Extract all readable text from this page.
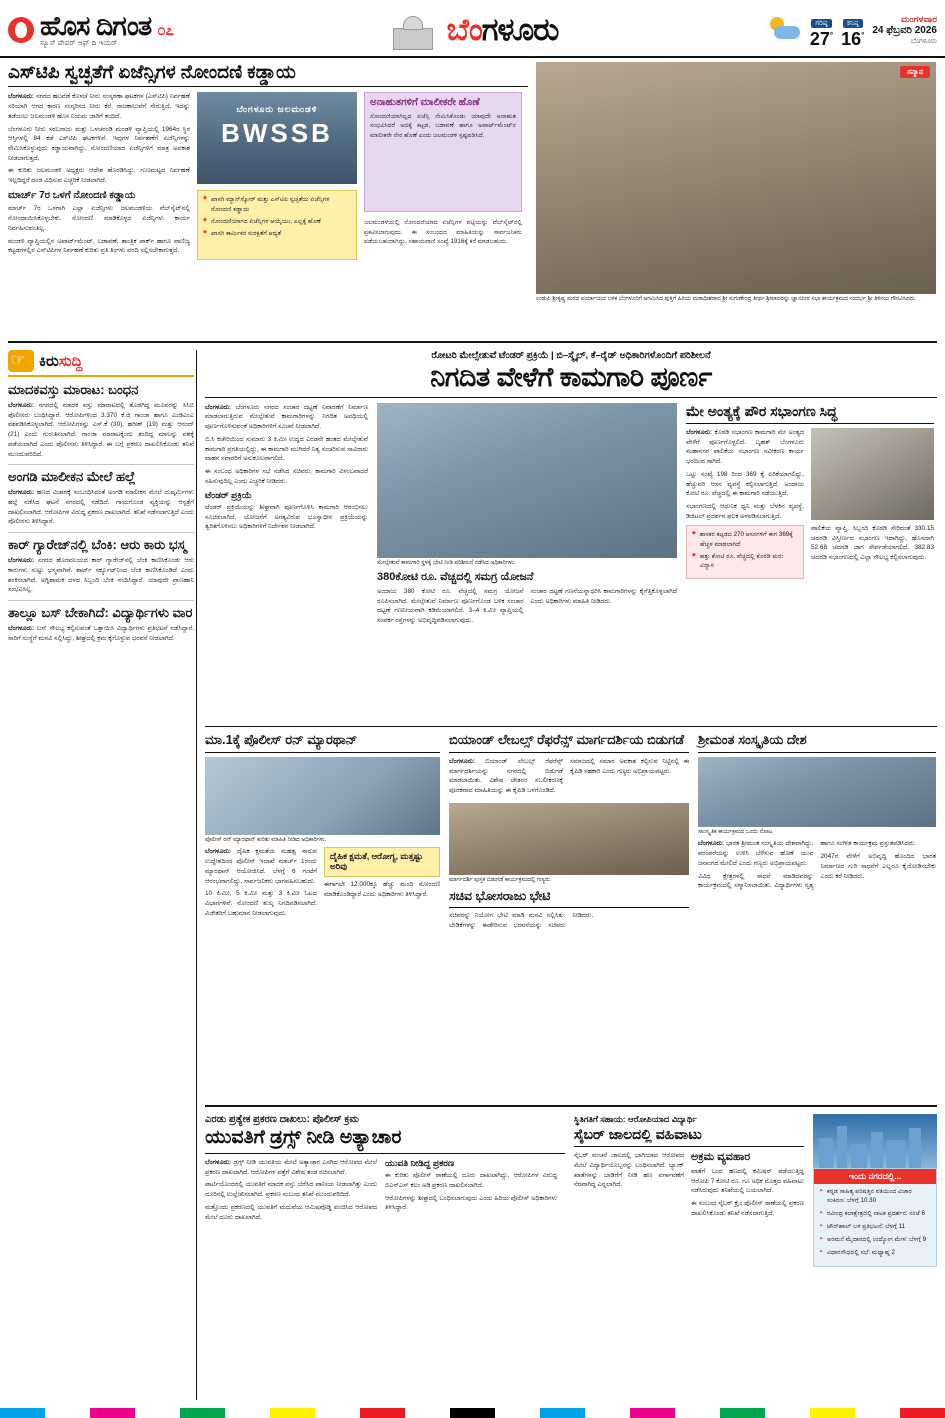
ಹೊಸ ದಿಗಂತ
ನ್ಯೂಸ್ ಪೇಪರ್ ಆಫ್ ದಿ ಇಯರ್
೦೭	ಬೆಂಗಳೂರು	ಗರಿಷ್ಠ
27°
ಕನಿಷ್ಠ
16°
ಮಂಗಳವಾರ
24 ಫೆಬ್ರವರಿ 2026
ಬೆಂಗಳೂರು
ಎಸ್‌ಟಿಪಿ ಸ್ವಚ್ಛತೆಗೆ ಏಜೆನ್ಸಿಗಳ ನೋಂದಣಿ ಕಡ್ಡಾಯ

ಬೆಂಗಳೂರು: ನಗರದ ಹಲವೆಡೆ ಕೊಳಚೆ ನೀರು ಸಂಸ್ಕರಣಾ ಘಟಕಗಳ (ಎಸ್‌ಟಿಪಿ) ನಿರ್ವಹಣೆ ಸರಿಯಾಗಿ ಆಗದ ಕಾರಣ ಸಂಸ್ಕರಿಸದ ನೀರು ಕೆರೆ, ರಾಜಕಾಲುವೆಗೆ ಸೇರುತ್ತಿದೆ. ಇದನ್ನು ತಡೆಯಲು ಜಲಮಂಡಳಿ ಹೊಸ ನಿಯಮ ಜಾರಿಗೆ ತಂದಿದೆ.

ಬೆಂಗಳೂರು ನೀರು ಸರಬರಾಜು ಮತ್ತು ಒಳಚರಂಡಿ ಮಂಡಳಿ ವ್ಯಾಪ್ತಿಯಲ್ಲಿ 1964ರ ಸ್ಥಿರ ಆಸ್ತಿಗಳಲ್ಲಿ 84 ಕಡೆ ಎಸ್‌ಟಿಪಿ ಘಟಕಗಳಿವೆ. ಇವುಗಳ ನಿರ್ವಹಣೆಗೆ ಏಜೆನ್ಸಿಗಳನ್ನು ನೇಮಿಸಿಕೊಳ್ಳುವುದು ಕಡ್ಡಾಯವಾಗಿದ್ದು, ನೋಂದಣಿಯಾದ ಏಜೆನ್ಸಿಗಳಿಗೆ ಮಾತ್ರ ಅವಕಾಶ ನೀಡಲಾಗುತ್ತದೆ.

ಈ ಕುರಿತು ಜಲಮಂಡಳಿ ಅಧ್ಯಕ್ಷರು ಆದೇಶ ಹೊರಡಿಸಿದ್ದು, ಗುಣಮಟ್ಟದ ನಿರ್ವಹಣೆ ಇಲ್ಲದಿದ್ದರೆ ದಂಡ ವಿಧಿಸುವ ಎಚ್ಚರಿಕೆ ನೀಡಲಾಗಿದೆ.

ಮಾರ್ಚ್ 7ರ ಒಳಗೆ ನೋಂದಣಿ ಕಡ್ಡಾಯ

ಮಾರ್ಚ್ 7ರ ಒಳಗಾಗಿ ಎಲ್ಲಾ ಏಜೆನ್ಸಿಗಳು ಜಲಮಂಡಳಿಯ ವೆಬ್‌ಸೈಟ್‌ನಲ್ಲಿ ನೋಂದಾಯಿಸಿಕೊಳ್ಳಬೇಕು. ನೋಂದಣಿ ಮಾಡಿಕೊಳ್ಳದ ಏಜೆನ್ಸಿಗಳು ಕಾರ್ಯ ನಿರ್ವಹಿಸುವಂತಿಲ್ಲ.

ಮಂಡಳಿ ವ್ಯಾಪ್ತಿಯಲ್ಲಿನ ಅಪಾರ್ಟ್‌ಮೆಂಟ್, ಬಡಾವಣೆ, ತಾಂತ್ರಿಕ ಪಾರ್ಕ್ ಹಾಗೂ ವಾಣಿಜ್ಯ ಕಟ್ಟಡಗಳಲ್ಲಿನ ಎಸ್‌ಟಿಪಿಗಳ ನಿರ್ವಹಣೆ ಕುರಿತು ಪ್ರತಿ ತಿಂಗಳು ವರದಿ ಸಲ್ಲಿಸಬೇಕಾಗುತ್ತದೆ.

ಬೆಂಗಳೂರು ಜಲಮಂಡಳಿ
BWSSB
◆ ಖಾಸಗಿ ಮ್ಯಾನ್‌ಸ್ಕೋರ್ ಮತ್ತು ಎಸ್‌ಟಿಪಿ ಸ್ವಚ್ಛತೆಯ ಏಜೆನ್ಸಿಗಳ ನೋಂದಣಿ ಕಡ್ಡಾಯ
◆ ನೋಂದಣಿಯಾಗದ ಏಜೆನ್ಸಿಗಳ ಆಯ್ಕೆಯು, ಎಲ್ಲಕ್ಕೆ ಹೊಣೆ
◆ ಖಾಸಗಿ ಕಾರ್ಮಿಕರ ಸುರಕ್ಷತೆಗೆ ಆದ್ಯತೆ
ಅನಾಹುತಗಳಿಗೆ ಮಾಲೀಕರೇ ಹೊಣೆ
ನೋಂದಣಿಯಾಗಿಲ್ಲದ ಏಜೆನ್ಸಿ ನೇಮಿಸಿಕೊಂಡು ಯಾವುದೇ ಅನಾಹುತ ಸಂಭವಿಸಿದರೆ ಅದಕ್ಕೆ ಕಟ್ಟಡ, ಬಡಾವಣೆ ಹಾಗೂ ಅಪಾರ್ಟ್‌ಮೆಂಟ್‌ನ ಮಾಲೀಕರೇ ನೇರ ಹೊಣೆ ಎಂದು ಜಲಮಂಡಳಿ ಸ್ಪಷ್ಟಪಡಿಸಿದೆ.
ಜಲಮಂಡಳಿಯಲ್ಲಿ ನೋಂದಣಿಯಾದ ಏಜೆನ್ಸಿಗಳ ಪಟ್ಟಿಯನ್ನು ವೆಬ್‌ಸೈಟ್‌ನಲ್ಲಿ ಪ್ರಕಟಿಸಲಾಗುವುದು. ಈ ಸಂಬಂಧದ ಮಾಹಿತಿಯನ್ನು ಸಾರ್ವಜನಿಕರು ಪಡೆಯಬಹುದಾಗಿದ್ದು, ಸಹಾಯವಾಣಿ ಸಂಖ್ಯೆ 1916ಕ್ಕೆ ಕರೆ ಮಾಡಬಹುದು.
ಸನ್ಮಾನ
ಉಡುಪಿ ಶ್ರೀಕೃಷ್ಣ ಮಠದ ಪರ್ಯಾಯದ ಬಳಿಕ ಬೆಂಗಳೂರಿಗೆ ಆಗಮಿಸಿದ ಪುತ್ತಿಗೆ ಹಿರಿಯ ಮಠಾಧೀಶರಾದ ಶ್ರೀ ಸುಗುಣೇಂದ್ರ ತೀರ್ಥ ಶ್ರೀಪಾದರನ್ನು ಜ್ಞಾನಪೀಠ ಸಭಾ ಕಾರ್ಯಕ್ರಮದ ಸಂದರ್ಭ ಶ್ರೀ ತಿಳಿಸಲು ಗೌರವಿಸಿದರು.
☞
ಕಿರುಸುದ್ದಿ
ಮಾದಕವಸ್ತು ಮಾರಾಟ: ಬಂಧನ
ಬೆಂಗಳೂರು: ನಗರದಲ್ಲಿ ಮಾದಕ ವಸ್ತು ಮಾರಾಟದಲ್ಲಿ ತೊಡಗಿದ್ದ ಮೂವರನ್ನು ಸಿಸಿಬಿ ಪೊಲೀಸರು ಬಂಧಿಸಿದ್ದಾರೆ. ಆರೋಪಿಗಳಿಂದ 3.370 ಕೆ.ಜಿ ಗಾಂಜಾ ಹಾಗೂ ಎಂಡಿಎಂಎ ವಶಪಡಿಸಿಕೊಳ್ಳಲಾಗಿದೆ. ಆರೋಪಿಗಳನ್ನು ಎಸ್.ಕೆ (30), ಹರೀಶ್ (19) ಮತ್ತು ಆನಂದ್ (21) ಎಂದು ಗುರುತಿಸಲಾಗಿದೆ. ಗಾಂಜಾ ಮಾರಾಟಕ್ಕೆಂದು ತಂದಿದ್ದ ಮಾಲನ್ನು ವಶಕ್ಕೆ ಪಡೆಯಲಾಗಿದೆ ಎಂದು ಪೊಲೀಸರು ತಿಳಿಸಿದ್ದಾರೆ. ಈ ಬಗ್ಗೆ ಪ್ರಕರಣ ದಾಖಲಿಸಿಕೊಂಡು ತನಿಖೆ ಮುಂದುವರಿದಿದೆ.
ಅಂಗಡಿ ಮಾಲೀಕನ ಮೇಲೆ ಹಲ್ಲೆ
ಬೆಂಗಳೂರು: ಹಣದ ವಿಚಾರಕ್ಕೆ ಸಂಬಂಧಿಸಿದಂತೆ ಅಂಗಡಿ ಮಾಲೀಕನ ಮೇಲೆ ದುಷ್ಕರ್ಮಿಗಳು ಹಲ್ಲೆ ನಡೆಸಿದ ಘಟನೆ ನಗರದಲ್ಲಿ ನಡೆದಿದೆ. ಗಾಯಗೊಂಡ ವ್ಯಕ್ತಿಯನ್ನು ಆಸ್ಪತ್ರೆಗೆ ದಾಖಲಿಸಲಾಗಿದೆ. ಆರೋಪಿಗಳ ವಿರುದ್ಧ ಪ್ರಕರಣ ದಾಖಲಾಗಿದೆ. ತನಿಖೆ ನಡೆಸಲಾಗುತ್ತಿದೆ ಎಂದು ಪೊಲೀಸರು ತಿಳಿಸಿದ್ದಾರೆ.
ಕಾರ್ ಗ್ಯಾರೇಜ್‌ನಲ್ಲಿ ಬೆಂಕಿ: ಆರು ಕಾರು ಭಸ್ಮ
ಬೆಂಗಳೂರು: ನಗರದ ಹೊರವಲಯದ ಕಾರ್ ಗ್ಯಾರೇಜ್‌ನಲ್ಲಿ ಬೆಂಕಿ ಕಾಣಿಸಿಕೊಂಡು ಆರು ಕಾರುಗಳು ಸುಟ್ಟು ಭಸ್ಮವಾಗಿವೆ. ಶಾರ್ಟ್ ಸರ್ಕ್ಯೂಟ್‌ನಿಂದ ಬೆಂಕಿ ಕಾಣಿಸಿಕೊಂಡಿದೆ ಎಂದು ಶಂಕಿಸಲಾಗಿದೆ. ಅಗ್ನಿಶಾಮಕ ದಳದ ಸಿಬ್ಬಂದಿ ಬೆಂಕಿ ನಂದಿಸಿದ್ದಾರೆ. ಯಾವುದೇ ಪ್ರಾಣಹಾನಿ ಸಂಭವಿಸಿಲ್ಲ.
ತಾಲ್ಲೂ ಬಸ್ ಬೇಕಾಗಿದೆ: ವಿದ್ಯಾರ್ಥಿಗಳು ವಾರ
ಬೆಂಗಳೂರು: ಬಸ್ ಸೌಲಭ್ಯ ಕಲ್ಪಿಸುವಂತೆ ಒತ್ತಾಯಿಸಿ ವಿದ್ಯಾರ್ಥಿಗಳು ಪ್ರತಿಭಟನೆ ನಡೆಸಿದ್ದಾರೆ. ಸಾರಿಗೆ ಸಂಸ್ಥೆಗೆ ಮನವಿ ಸಲ್ಲಿಸಿದ್ದು, ಶೀಘ್ರದಲ್ಲಿ ಕ್ರಮ ಕೈಗೊಳ್ಳುವ ಭರವಸೆ ನೀಡಲಾಗಿದೆ.
ರೋಟರಿ ಮೇಲ್ಸೇತುವೆ ಟೆಂಡರ್ ಪ್ರಕ್ರಿಯೆ | ಬಿ–ಸ್ಮೈಲ್, ಕೆ–ರೈಡ್ ಅಧಿಕಾರಿಗಳೊಂದಿಗೆ ಪರಿಶೀಲನೆ
ನಿಗದಿತ ವೇಳೆಗೆ ಕಾಮಗಾರಿ ಪೂರ್ಣ

ಬೆಂಗಳೂರು: ಬೆಂಗಳೂರು ನಗರದ ಸಂಚಾರ ದಟ್ಟಣೆ ನಿವಾರಣೆಗೆ ನಿರ್ಮಾಣ ಮಾಡಲಾಗುತ್ತಿರುವ ಮೇಲ್ಸೇತುವೆ ಕಾಮಗಾರಿಗಳನ್ನು ನಿಗದಿತ ಅವಧಿಯಲ್ಲಿ ಪೂರ್ಣಗೊಳಿಸುವಂತೆ ಅಧಿಕಾರಿಗಳಿಗೆ ಸೂಚನೆ ನೀಡಲಾಗಿದೆ.

ಬಿ.ಸಿ ಕಚೇರಿಯಿಂದ ಸುಮಾರು 3 ಕಿ.ಮೀ ಉದ್ದದ ಎರಡನೇ ಹಂತದ ಮೇಲ್ಸೇತುವೆ ಕಾಮಗಾರಿ ಪ್ರಗತಿಯಲ್ಲಿದ್ದು, ಈ ಕಾಮಗಾರಿ ಮುಗಿದರೆ ನಿತ್ಯ ಸಂಚರಿಸುವ ಸಾವಿರಾರು ವಾಹನ ಸವಾರರಿಗೆ ಅನುಕೂಲವಾಗಲಿದೆ.

ಈ ಸಂಬಂಧ ಅಧಿಕಾರಿಗಳ ಸಭೆ ನಡೆಸಿದ ಸಚಿವರು, ಕಾಮಗಾರಿ ವಿಳಂಬವಾದರೆ ಸಹಿಸುವುದಿಲ್ಲ ಎಂದು ಎಚ್ಚರಿಕೆ ನೀಡಿದರು.

ಟೆಂಡರ್ ಪ್ರಕ್ರಿಯೆ

ಟೆಂಡರ್ ಪ್ರಕ್ರಿಯೆಯನ್ನು ಶೀಘ್ರವಾಗಿ ಪೂರ್ಣಗೊಳಿಸಿ ಕಾಮಗಾರಿ ಆರಂಭಿಸಲು ಸೂಚಿಸಲಾಗಿದೆ. ಯೋಜನೆಗೆ ಅಗತ್ಯವಿರುವ ಭೂಸ್ವಾಧೀನ ಪ್ರಕ್ರಿಯೆಯನ್ನು ತ್ವರಿತಗೊಳಿಸಲು ಅಧಿಕಾರಿಗಳಿಗೆ ನಿರ್ದೇಶನ ನೀಡಲಾಗಿದೆ.

ಮೇಲ್ಸೇತುವೆ ಕಾಮಗಾರಿ ಸ್ಥಳಕ್ಕೆ ಭೇಟಿ ನೀಡಿ ಪರಿಶೀಲನೆ ನಡೆಸಿದ ಅಧಿಕಾರಿಗಳು.
380ಕೋಟಿ ರೂ. ವೆಚ್ಚದಲ್ಲಿ ಸಮಗ್ರ ಯೋಜನೆ

ಅಂದಾಜು 380 ಕೋಟಿ ರೂ. ವೆಚ್ಚದಲ್ಲಿ ಸಮಗ್ರ ಯೋಜನೆ ರೂಪಿಸಲಾಗಿದೆ. ಮೇಲ್ಸೇತುವೆ ನಿರ್ಮಾಣ ಪೂರ್ಣಗೊಂಡ ಬಳಿಕ ಸಂಚಾರ ದಟ್ಟಣೆ ಗಣನೀಯವಾಗಿ ಕಡಿಮೆಯಾಗಲಿದೆ. 3–4 ಕಿ.ಮೀ ವ್ಯಾಪ್ತಿಯಲ್ಲಿ ಸಂಪರ್ಕ ರಸ್ತೆಗಳನ್ನು ಅಭಿವೃದ್ಧಿಪಡಿಸಲಾಗುವುದು.

ಸಂಚಾರ ದಟ್ಟಣೆ ಗಣನೆಯನ್ನಾಧರಿಸಿ ಕಾಮಗಾರಿಗಳನ್ನು ಕೈಗೆತ್ತಿಕೊಳ್ಳಲಾಗಿದೆ ಎಂದು ಅಧಿಕಾರಿಗಳು ಮಾಹಿತಿ ನೀಡಿದರು.

ಮೇ ಅಂತ್ಯಕ್ಕೆ ಪೌರ ಸಭಾಂಗಣ ಸಿದ್ಧ

ಬೆಂಗಳೂರು: ಕೊಠಡಿ ಸಭಾಂಗಣ ಕಾಮಗಾರಿ ಮೇ ಅಂತ್ಯದ ವೇಳೆಗೆ ಪೂರ್ಣಗೊಳ್ಳಲಿದೆ. ಬೃಹತ್ ಬೆಂಗಳೂರು ಮಹಾನಗರ ಪಾಲಿಕೆಯ ಸಭಾಂಗಣ ನವೀಕರಣ ಕಾರ್ಯ ಭರದಿಂದ ಸಾಗಿದೆ.

ಒಟ್ಟು ಸಂಖ್ಯೆ 198 ರಿಂದ 369 ಕ್ಕೆ ಏರಿಕೆಯಾಗಲಿದ್ದು, ಹೆಚ್ಚುವರಿ ಆಸನ ವ್ಯವಸ್ಥೆ ಕಲ್ಪಿಸಲಾಗುತ್ತಿದೆ. ಅಂದಾಜು ಕೋಟಿ ರೂ. ವೆಚ್ಚದಲ್ಲಿ ಈ ಕಾಮಗಾರಿ ನಡೆಯುತ್ತಿದೆ.

ಸಭಾಂಗಣದಲ್ಲಿ ಆಧುನಿಕ ಧ್ವನಿ ಮತ್ತು ಬೆಳಕಿನ ವ್ಯವಸ್ಥೆ, ಡಿಜಿಟಲ್ ಪ್ರದರ್ಶನ ಫಲಕ ಅಳವಡಿಸಲಾಗುತ್ತಿದೆ.

◆ ಶಾಸಕರ ಕಟ್ಟಡದ 270 ಆಸನಗಳಿಗೆ ಈಗ 369ಕ್ಕೆ ಹೆಚ್ಚಳ ಮಾಡಲಾಗಿದೆ
◆ ಹತ್ತು ಕೋಟಿ ರೂ. ವೆಚ್ಚದಲ್ಲಿ ಕೊಠಡಿ ಮರು ವಿನ್ಯಾಸ
ಪಾಲಿಕೆಯ ವ್ಯಾಪ್ತಿ, ಸಿಬ್ಬಂದಿ ಕೊಠಡಿ ಸೇರಿದಂತೆ 330.15 ಚದರಡಿ ವಿಸ್ತೀರ್ಣದ ಸಭಾಂಗಣ ಇದಾಗಿದ್ದು, ಹೊಸದಾಗಿ 52.68 ಚದರಡಿ ಜಾಗ ಸೇರ್ಪಡೆಯಾಗಲಿದೆ. 382.83 ಚದರಡಿ ಸಭಾಂಗಣದಲ್ಲಿ ಎಲ್ಲಾ ಸೌಲಭ್ಯ ಕಲ್ಪಿಸಲಾಗುವುದು.
ಮಾ.1ಕ್ಕೆ ಪೊಲೀಸ್ ರನ್ ಮ್ಯಾರಥಾನ್
ಪೊಲೀಸ್ ರನ್ ಮ್ಯಾರಥಾನ್ ಕುರಿತು ಮಾಹಿತಿ ನೀಡಿದ ಅಧಿಕಾರಿಗಳು.

ಬೆಂಗಳೂರು: ದೈಹಿಕ ಕ್ಷಮತೆಯ ಮಹತ್ವ ಸಾರುವ ಉದ್ದೇಶದಿಂದ ಪೊಲೀಸ್ ಇಲಾಖೆ ಮಾರ್ಚ್ 1ರಂದು ಮ್ಯಾರಥಾನ್ ಆಯೋಜಿಸಿದೆ. ಬೆಳಗ್ಗೆ 6 ಗಂಟೆಗೆ ಆರಂಭವಾಗಲಿದ್ದು, ಸಾರ್ವಜನಿಕರು ಭಾಗವಹಿಸಬಹುದು.

10 ಕಿ.ಮೀ, 5 ಕಿ.ಮೀ ಮತ್ತು 3 ಕಿ.ಮೀ ಓಟದ ವಿಭಾಗಗಳಿವೆ. ನೋಂದಣಿ ಶುಲ್ಕ ನಿಗದಿಪಡಿಸಲಾಗಿದೆ. ವಿಜೇತರಿಗೆ ಬಹುಮಾನ ನೀಡಲಾಗುವುದು.

ದೈಹಿಕ ಕ್ಷಮತೆ, ಆರೋಗ್ಯ, ಮತ್ತಷ್ಟು ಅರಿವು
ಈಗಾಗಲೇ 12,000ಕ್ಕೂ ಹೆಚ್ಚು ಮಂದಿ ನೋಂದಣಿ ಮಾಡಿಕೊಂಡಿದ್ದಾರೆ ಎಂದು ಅಧಿಕಾರಿಗಳು ತಿಳಿಸಿದ್ದಾರೆ.
ಬಿಯಾಂಡ್ ಲೇಬಲ್ಸ್ ರೆಫರೆನ್ಸ್ ಮಾರ್ಗದರ್ಶಿಯ ಬಿಡುಗಡೆ

ಬೆಂಗಳೂರು: ಬಿಯಾಂಡ್ ಲೇಬಲ್ಸ್ ರೆಫರೆನ್ಸ್ ಮಾರ್ಗದರ್ಶಿಯನ್ನು ನಗರದಲ್ಲಿ ಬಿಡುಗಡೆ ಮಾಡಲಾಯಿತು. ವಿಶೇಷ ಚೇತನರ ಸಬಲೀಕರಣಕ್ಕೆ ಪೂರಕವಾದ ಮಾಹಿತಿಯನ್ನು ಈ ಕೈಪಿಡಿ ಒಳಗೊಂಡಿದೆ.

ಸಮಾಜದಲ್ಲಿ ಸಮಾನ ಅವಕಾಶ ಕಲ್ಪಿಸುವ ನಿಟ್ಟಿನಲ್ಲಿ ಈ ಕೈಪಿಡಿ ಸಹಕಾರಿ ಎಂದು ಗಣ್ಯರು ಅಭಿಪ್ರಾಯಪಟ್ಟರು.
ಮಾರ್ಗದರ್ಶಿ ಪುಸ್ತಕ ಬಿಡುಗಡೆ ಕಾರ್ಯಕ್ರಮದಲ್ಲಿ ಗಣ್ಯರು.
ಸಚಿವ ಭೋಸರಾಜು ಭೇಟಿ

ಸಚಿವರನ್ನು ನಿಯೋಗ ಭೇಟಿ ಮಾಡಿ ಮನವಿ ಸಲ್ಲಿಸಿತು. ಬೇಡಿಕೆಗಳನ್ನು ಈಡೇರಿಸುವ ಭರವಸೆಯನ್ನು ಸಚಿವರು ನೀಡಿದರು.

ಶ್ರೀಮಂತ ಸಂಸ್ಕೃತಿಯ ದೇಶ
ಸಾಂಸ್ಕೃತಿಕ ಕಾರ್ಯಕ್ರಮದ ಒಂದು ನೋಟ.

ಬೆಂಗಳೂರು: ಭಾರತ ಶ್ರೀಮಂತ ಸಂಸ್ಕೃತಿಯ ದೇಶವಾಗಿದ್ದು, ಪರಂಪರೆಯನ್ನು ಉಳಿಸಿ ಬೆಳೆಸುವ ಹೊಣೆ ಯುವ ಜನಾಂಗದ ಮೇಲಿದೆ ಎಂದು ಗಣ್ಯರು ಅಭಿಪ್ರಾಯಪಟ್ಟರು.

ವಿವಿಧ ಕ್ಷೇತ್ರಗಳಲ್ಲಿ ಸಾಧನೆ ಮಾಡಿದವರನ್ನು ಕಾರ್ಯಕ್ರಮದಲ್ಲಿ ಸನ್ಮಾನಿಸಲಾಯಿತು. ವಿದ್ಯಾರ್ಥಿಗಳು ನೃತ್ಯ ಹಾಗೂ ಸಂಗೀತ ಕಾರ್ಯಕ್ರಮ ಪ್ರಸ್ತುತಪಡಿಸಿದರು.

2047ರ ವೇಳೆಗೆ ಅಭಿವೃದ್ಧಿ ಹೊಂದಿದ ಭಾರತ ನಿರ್ಮಾಣದ ಗುರಿ ಸಾಧನೆಗೆ ಎಲ್ಲರೂ ಕೈಜೋಡಿಸಬೇಕು ಎಂದು ಕರೆ ನೀಡಿದರು.

ಎರಡು ಪ್ರತ್ಯೇಕ ಪ್ರಕರಣ ದಾಖಲು: ಪೊಲೀಸ್ ಕ್ರಮ
ಯುವತಿಗೆ ಡ್ರಗ್ಸ್ ನೀಡಿ ಅತ್ಯಾಚಾರ

ಬೆಂಗಳೂರು: ಡ್ರಗ್ಸ್ ನೀಡಿ ಯುವತಿಯ ಮೇಲೆ ಅತ್ಯಾಚಾರ ಎಸಗಿದ ಆರೋಪದ ಮೇಲೆ ಪ್ರಕರಣ ದಾಖಲಾಗಿದೆ. ಆರೋಪಿಗಳ ಪತ್ತೆಗೆ ವಿಶೇಷ ತಂಡ ರಚಿಸಲಾಗಿದೆ.

ಪಾರ್ಟಿಯೊಂದರಲ್ಲಿ ಯುವತಿಗೆ ಮಾದಕ ವಸ್ತು ಬೆರೆಸಿದ ಪಾನೀಯ ನೀಡಲಾಗಿತ್ತು ಎಂದು ದೂರಿನಲ್ಲಿ ಉಲ್ಲೇಖಿಸಲಾಗಿದೆ. ಪ್ರಕರಣ ಸಂಬಂಧ ತನಿಖೆ ಮುಂದುವರಿದಿದೆ.

ಮತ್ತೊಂದು ಪ್ರಕರಣದಲ್ಲಿ ಯುವತಿಗೆ ಮದುವೆಯ ಆಮಿಷವೊಡ್ಡಿ ವಂಚಿಸಿದ ಆರೋಪದ ಮೇಲೆ ದೂರು ದಾಖಲಾಗಿದೆ.

ಯುವತಿ ನೀಡಿದ್ದ ಪ್ರಕರಣ

ಈ ಕುರಿತು ಪೊಲೀಸ್ ಠಾಣೆಯಲ್ಲಿ ದೂರು ದಾಖಲಾಗಿದ್ದು, ಆರೋಪಿಗಳ ವಿರುದ್ಧ ಬಿಎನ್ಎಸ್ ಕಲಂ ಅಡಿ ಪ್ರಕರಣ ದಾಖಲಿಸಲಾಗಿದೆ.

ಆರೋಪಿಗಳನ್ನು ಶೀಘ್ರದಲ್ಲಿ ಬಂಧಿಸಲಾಗುವುದು ಎಂದು ಹಿರಿಯ ಪೊಲೀಸ್ ಅಧಿಕಾರಿಗಳು ತಿಳಿಸಿದ್ದಾರೆ.

ಸ್ಥಿತಿಗತಿಗೆ ಸಹಾಯ: ಆರೋಪಿಯಾದ ವಿದ್ಯಾರ್ಥಿ
ಸೈಬರ್ ಜಾಲದಲ್ಲಿ ವಹಿವಾಟು

ಸೈಬರ್ ವಂಚನೆ ಜಾಲದಲ್ಲಿ ಭಾಗಿಯಾದ ಆರೋಪದ ಮೇಲೆ ವಿದ್ಯಾರ್ಥಿಯೊಬ್ಬನನ್ನು ಬಂಧಿಸಲಾಗಿದೆ. ಬ್ಯಾಂಕ್ ಖಾತೆಗಳನ್ನು ಬಾಡಿಗೆಗೆ ನೀಡಿ ಹಣ ವರ್ಗಾವಣೆಗೆ ನೆರವಾಗಿದ್ದ ಎನ್ನಲಾಗಿದೆ.

ಅಕ್ರಮ ವ್ಯವಹಾರ

ಖಾತೆಗೆ ಬಂದ ಹಣದಲ್ಲಿ ಕಮಿಷನ್ ಪಡೆಯುತ್ತಿದ್ದ ಆರೋಪಿ 7 ಕೋಟಿ ರೂ. ಗೂ ಅಧಿಕ ಮೊತ್ತದ ವಹಿವಾಟು ನಡೆಸಿರುವುದು ತನಿಖೆಯಲ್ಲಿ ಬಯಲಾಗಿದೆ.

ಈ ಸಂಬಂಧ ಸೈಬರ್ ಕ್ರೈಂ ಪೊಲೀಸ್ ಠಾಣೆಯಲ್ಲಿ ಪ್ರಕರಣ ದಾಖಲಿಸಿಕೊಂಡು ತನಿಖೆ ನಡೆಸಲಾಗುತ್ತಿದೆ.

ಇಂದು ನಗರದಲ್ಲಿ...
✦ ಕನ್ನಡ ಸಾಹಿತ್ಯ ಪರಿಷತ್ತಿನ ವತಿಯಿಂದ ವಿಚಾರ ಸಂಕಿರಣ: ಬೆಳಗ್ಗೆ 10.30
✦ ರವೀಂದ್ರ ಕಲಾಕ್ಷೇತ್ರದಲ್ಲಿ ನಾಟಕ ಪ್ರದರ್ಶನ: ಸಂಜೆ 6
✦ ಟೌನ್‌ಹಾಲ್ ಬಳಿ ಪ್ರತಿಭಟನೆ: ಬೆಳಗ್ಗೆ 11
✦ ಅರಮನೆ ಮೈದಾನದಲ್ಲಿ ಉದ್ಯೋಗ ಮೇಳ: ಬೆಳಗ್ಗೆ 9
✦ ವಿಧಾನಸೌಧದಲ್ಲಿ ಸಭೆ: ಮಧ್ಯಾಹ್ನ 2
